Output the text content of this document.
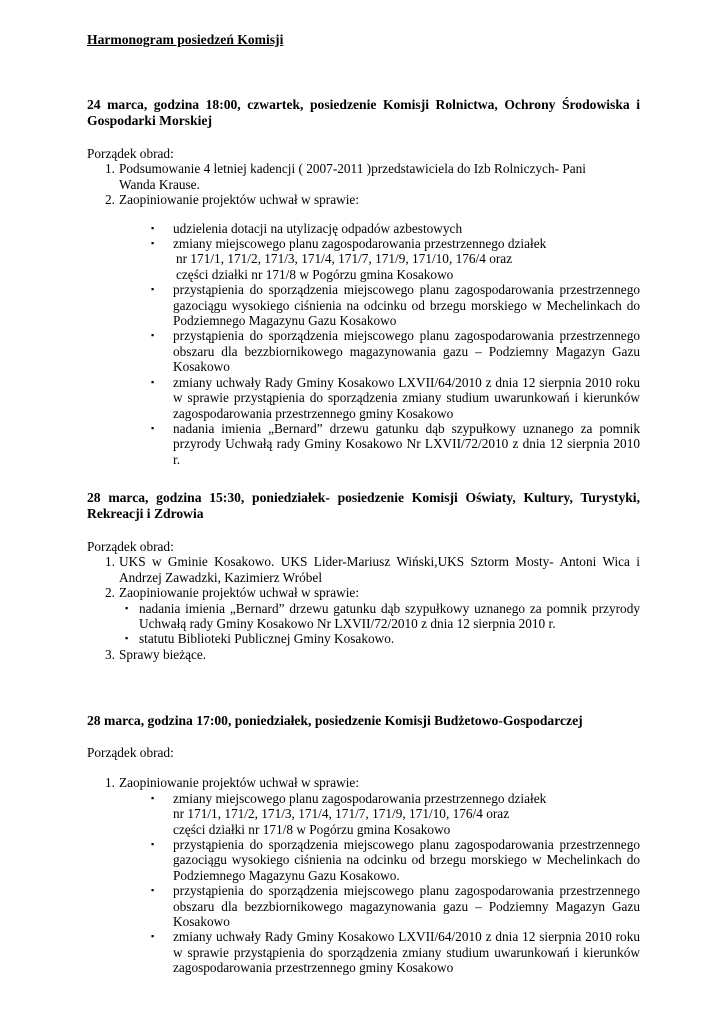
Harmonogram posiedzeń Komisji
24 marca, godzina 18:00, czwartek, posiedzenie Komisji Rolnictwa, Ochrony Środowiska i Gospodarki Morskiej
Porządek obrad:
1. Podsumowanie 4 letniej kadencji ( 2007-2011 )przedstawiciela do Izb Rolniczych- Pani
Wanda Krause.
2. Zaopiniowanie projektów uchwał w sprawie:
▪ udzielenia dotacji na utylizację odpadów azbestowych
▪ zmiany miejscowego planu zagospodarowania przestrzennego działek
nr 171/1, 171/2, 171/3, 171/4, 171/7, 171/9, 171/10, 176/4 oraz
części działki nr 171/8 w Pogórzu gmina Kosakowo
▪ przystąpienia do sporządzenia miejscowego planu zagospodarowania przestrzennego gazociągu wysokiego ciśnienia na odcinku od brzegu morskiego w Mechelinkach do Podziemnego Magazynu Gazu Kosakowo
▪ przystąpienia do sporządzenia miejscowego planu zagospodarowania przestrzennego obszaru dla bezzbiornikowego magazynowania gazu – Podziemny Magazyn Gazu Kosakowo
▪ zmiany uchwały Rady Gminy Kosakowo LXVII/64/2010 z dnia 12 sierpnia 2010 roku w sprawie przystąpienia do sporządzenia zmiany studium uwarunkowań i kierunków zagospodarowania przestrzennego gminy Kosakowo
▪ nadania imienia „Bernard” drzewu gatunku dąb szypułkowy uznanego za pomnik przyrody Uchwałą rady Gminy Kosakowo Nr LXVII/72/2010 z dnia 12 sierpnia 2010 r.
28 marca, godzina 15:30, poniedziałek- posiedzenie Komisji Oświaty, Kultury, Turystyki, Rekreacji i Zdrowia
Porządek obrad:
1. UKS w Gminie Kosakowo. UKS Lider-Mariusz Wiński,UKS Sztorm Mosty- Antoni Wica i Andrzej Zawadzki, Kazimierz Wróbel
2. Zaopiniowanie projektów uchwał w sprawie:
▪ nadania imienia „Bernard” drzewu gatunku dąb szypułkowy uznanego za pomnik przyrody Uchwałą rady Gminy Kosakowo Nr LXVII/72/2010 z dnia 12 sierpnia 2010 r.
▪ statutu Biblioteki Publicznej Gminy Kosakowo.
3. Sprawy bieżące.
28 marca, godzina 17:00, poniedziałek, posiedzenie Komisji Budżetowo-Gospodarczej
Porządek obrad:
1. Zaopiniowanie projektów uchwał w sprawie:
▪ zmiany miejscowego planu zagospodarowania przestrzennego działek
nr 171/1, 171/2, 171/3, 171/4, 171/7, 171/9, 171/10, 176/4 oraz
części działki nr 171/8 w Pogórzu gmina Kosakowo
▪ przystąpienia do sporządzenia miejscowego planu zagospodarowania przestrzennego gazociągu wysokiego ciśnienia na odcinku od brzegu morskiego w Mechelinkach do Podziemnego Magazynu Gazu Kosakowo.
▪ przystąpienia do sporządzenia miejscowego planu zagospodarowania przestrzennego obszaru dla bezzbiornikowego magazynowania gazu – Podziemny Magazyn Gazu Kosakowo
▪ zmiany uchwały Rady Gminy Kosakowo LXVII/64/2010 z dnia 12 sierpnia 2010 roku w sprawie przystąpienia do sporządzenia zmiany studium uwarunkowań i kierunków zagospodarowania przestrzennego gminy Kosakowo
